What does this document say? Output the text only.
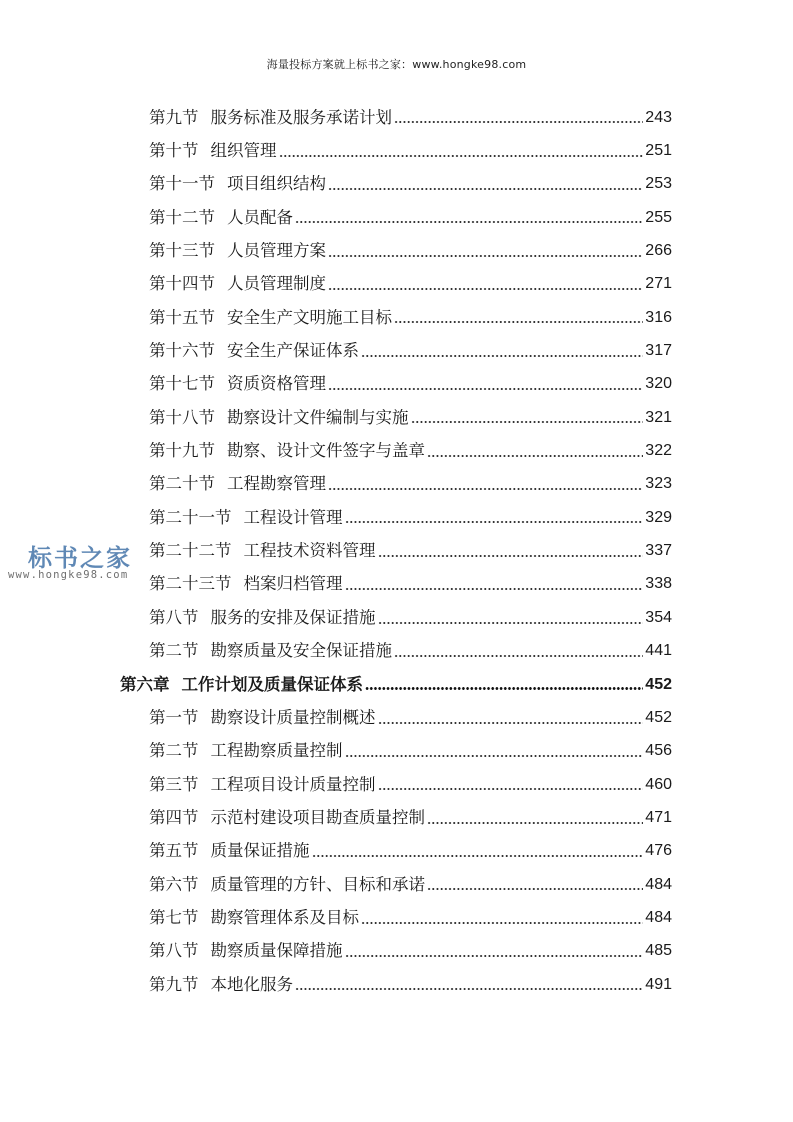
海量投标方案就上标书之家：www.hongke98.com
标书之家
www.hongke98.com
第九节 服务标准及服务承诺计划	243
第十节 组织管理	251
第十一节 项目组织结构	253
第十二节 人员配备	255
第十三节 人员管理方案	266
第十四节 人员管理制度	271
第十五节 安全生产文明施工目标	316
第十六节 安全生产保证体系	317
第十七节 资质资格管理	320
第十八节 勘察设计文件编制与实施	321
第十九节 勘察、设计文件签字与盖章	322
第二十节 工程勘察管理	323
第二十一节 工程设计管理	329
第二十二节 工程技术资料管理	337
第二十三节 档案归档管理	338
第八节 服务的安排及保证措施	354
第二节 勘察质量及安全保证措施	441
第六章 工作计划及质量保证体系	452
第一节 勘察设计质量控制概述	452
第二节 工程勘察质量控制	456
第三节 工程项目设计质量控制	460
第四节 示范村建设项目勘查质量控制	471
第五节 质量保证措施	476
第六节 质量管理的方针、目标和承诺	484
第七节 勘察管理体系及目标	484
第八节 勘察质量保障措施	485
第九节 本地化服务	491
